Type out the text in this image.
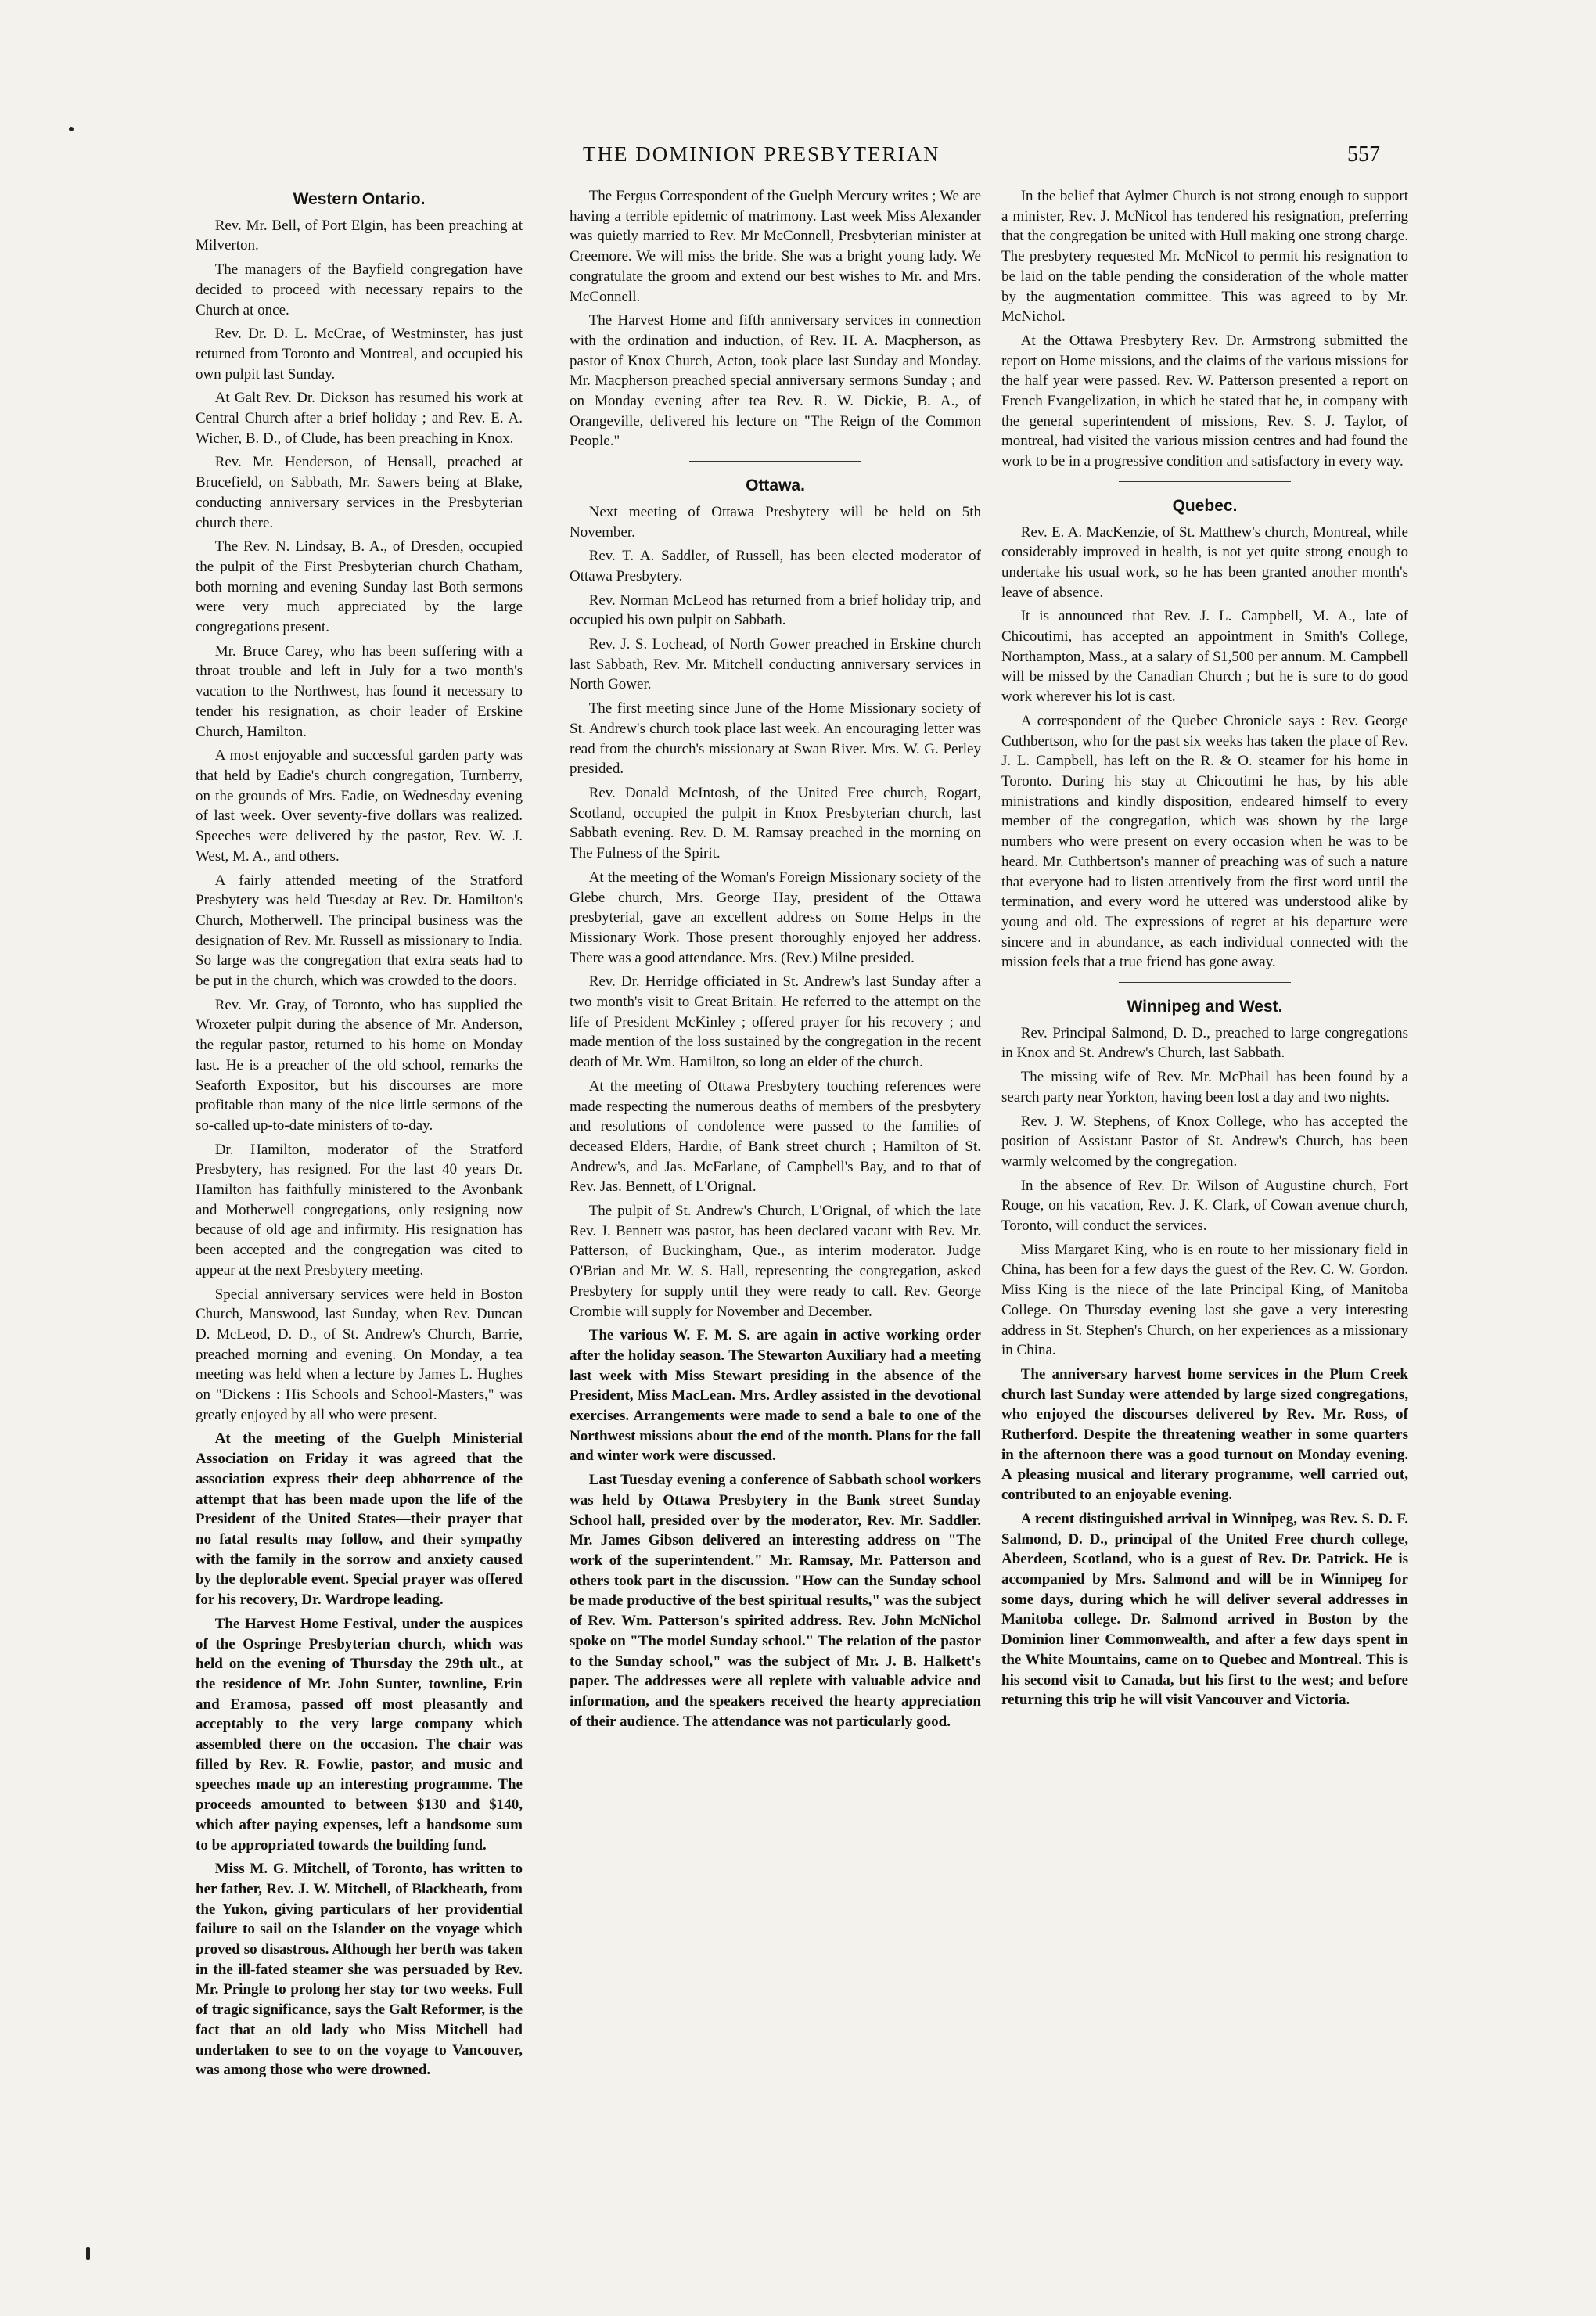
THE DOMINION PRESBYTERIAN	557
Western Ontario.

Rev. Mr. Bell, of Port Elgin, has been preaching at Milverton.

The managers of the Bayfield congregation have decided to proceed with necessary repairs to the Church at once.

Rev. Dr. D. L. McCrae, of Westminster, has just returned from Toronto and Montreal, and occupied his own pulpit last Sunday.

At Galt Rev. Dr. Dickson has resumed his work at Central Church after a brief holiday ; and Rev. E. A. Wicher, B. D., of Clude, has been preaching in Knox.

Rev. Mr. Henderson, of Hensall, preached at Brucefield, on Sabbath, Mr. Sawers being at Blake, conducting anniversary services in the Presbyterian church there.

The Rev. N. Lindsay, B. A., of Dresden, occupied the pulpit of the First Presbyterian church Chatham, both morning and evening Sunday last Both sermons were very much appreciated by the large congregations present.

Mr. Bruce Carey, who has been suffering with a throat trouble and left in July for a two month's vacation to the Northwest, has found it necessary to tender his resignation, as choir leader of Erskine Church, Hamilton.

A most enjoyable and successful garden party was that held by Eadie's church congregation, Turnberry, on the grounds of Mrs. Eadie, on Wednesday evening of last week. Over seventy-five dollars was realized. Speeches were delivered by the pastor, Rev. W. J. West, M. A., and others.

A fairly attended meeting of the Stratford Presbytery was held Tuesday at Rev. Dr. Hamilton's Church, Motherwell. The principal business was the designation of Rev. Mr. Russell as missionary to India. So large was the congregation that extra seats had to be put in the church, which was crowded to the doors.

Rev. Mr. Gray, of Toronto, who has supplied the Wroxeter pulpit during the absence of Mr. Anderson, the regular pastor, returned to his home on Monday last. He is a preacher of the old school, remarks the Seaforth Expositor, but his discourses are more profitable than many of the nice little sermons of the so-called up-to-date ministers of to-day.

Dr. Hamilton, moderator of the Stratford Presbytery, has resigned. For the last 40 years Dr. Hamilton has faithfully ministered to the Avonbank and Motherwell congregations, only resigning now because of old age and infirmity. His resignation has been accepted and the congregation was cited to appear at the next Presbytery meeting.

Special anniversary services were held in Boston Church, Manswood, last Sunday, when Rev. Duncan D. McLeod, D. D., of St. Andrew's Church, Barrie, preached morning and evening. On Monday, a tea meeting was held when a lecture by James L. Hughes on "Dickens : His Schools and School-Masters," was greatly enjoyed by all who were present.

At the meeting of the Guelph Ministerial Association on Friday it was agreed that the association express their deep abhorrence of the attempt that has been made upon the life of the President of the United States—their prayer that no fatal results may follow, and their sympathy with the family in the sorrow and anxiety caused by the deplorable event. Special prayer was offered for his recovery, Dr. Wardrope leading.

The Harvest Home Festival, under the auspices of the Ospringe Presbyterian church, which was held on the evening of Thursday the 29th ult., at the residence of Mr. John Sunter, townline, Erin and Eramosa, passed off most pleasantly and acceptably to the very large company which assembled there on the occasion. The chair was filled by Rev. R. Fowlie, pastor, and music and speeches made up an interesting programme. The proceeds amounted to between $130 and $140, which after paying expenses, left a handsome sum to be appropriated towards the building fund.

Miss M. G. Mitchell, of Toronto, has written to her father, Rev. J. W. Mitchell, of Blackheath, from the Yukon, giving particulars of her providential failure to sail on the Islander on the voyage which proved so disastrous. Although her berth was taken in the ill-fated steamer she was persuaded by Rev. Mr. Pringle to prolong her stay tor two weeks. Full of tragic significance, says the Galt Reformer, is the fact that an old lady who Miss Mitchell had undertaken to see to on the voyage to Vancouver, was among those who were drowned.

The Fergus Correspondent of the Guelph Mercury writes ; We are having a terrible epidemic of matrimony. Last week Miss Alexander was quietly married to Rev. Mr McConnell, Presbyterian minister at Creemore. We will miss the bride. She was a bright young lady. We congratulate the groom and extend our best wishes to Mr. and Mrs. McConnell.

The Harvest Home and fifth anniversary services in connection with the ordination and induction, of Rev. H. A. Macpherson, as pastor of Knox Church, Acton, took place last Sunday and Monday. Mr. Macpherson preached special anniversary sermons Sunday ; and on Monday evening after tea Rev. R. W. Dickie, B. A., of Orangeville, delivered his lecture on "The Reign of the Common People."

Ottawa.

Next meeting of Ottawa Presbytery will be held on 5th November.

Rev. T. A. Saddler, of Russell, has been elected moderator of Ottawa Presbytery.

Rev. Norman McLeod has returned from a brief holiday trip, and occupied his own pulpit on Sabbath.

Rev. J. S. Lochead, of North Gower preached in Erskine church last Sabbath, Rev. Mr. Mitchell conducting anniversary services in North Gower.

The first meeting since June of the Home Missionary society of St. Andrew's church took place last week. An encouraging letter was read from the church's missionary at Swan River. Mrs. W. G. Perley presided.

Rev. Donald McIntosh, of the United Free church, Rogart, Scotland, occupied the pulpit in Knox Presbyterian church, last Sabbath evening. Rev. D. M. Ramsay preached in the morning on The Fulness of the Spirit.

At the meeting of the Woman's Foreign Missionary society of the Glebe church, Mrs. George Hay, president of the Ottawa presbyterial, gave an excellent address on Some Helps in the Missionary Work. Those present thoroughly enjoyed her address. There was a good attendance. Mrs. (Rev.) Milne presided.

Rev. Dr. Herridge officiated in St. Andrew's last Sunday after a two month's visit to Great Britain. He referred to the attempt on the life of President McKinley ; offered prayer for his recovery ; and made mention of the loss sustained by the congregation in the recent death of Mr. Wm. Hamilton, so long an elder of the church.

At the meeting of Ottawa Presbytery touching references were made respecting the numerous deaths of members of the presbytery and resolutions of condolence were passed to the families of deceased Elders, Hardie, of Bank street church ; Hamilton of St. Andrew's, and Jas. McFarlane, of Campbell's Bay, and to that of Rev. Jas. Bennett, of L'Orignal.

The pulpit of St. Andrew's Church, L'Orignal, of which the late Rev. J. Bennett was pastor, has been declared vacant with Rev. Mr. Patterson, of Buckingham, Que., as interim moderator. Judge O'Brian and Mr. W. S. Hall, representing the congregation, asked Presbytery for supply until they were ready to call. Rev. George Crombie will supply for November and December.

The various W. F. M. S. are again in active working order after the holiday season. The Stewarton Auxiliary had a meeting last week with Miss Stewart presiding in the absence of the President, Miss MacLean. Mrs. Ardley assisted in the devotional exercises. Arrangements were made to send a bale to one of the Northwest missions about the end of the month. Plans for the fall and winter work were discussed.

Last Tuesday evening a conference of Sabbath school workers was held by Ottawa Presbytery in the Bank street Sunday School hall, presided over by the moderator, Rev. Mr. Saddler. Mr. James Gibson delivered an interesting address on "The work of the superintendent." Mr. Ramsay, Mr. Patterson and others took part in the discussion. "How can the Sunday school be made productive of the best spiritual results," was the subject of Rev. Wm. Patterson's spirited address. Rev. John McNichol spoke on "The model Sunday school." The relation of the pastor to the Sunday school," was the subject of Mr. J. B. Halkett's paper. The addresses were all replete with valuable advice and information, and the speakers received the hearty appreciation of their audience. The attendance was not particularly good.

In the belief that Aylmer Church is not strong enough to support a minister, Rev. J. McNicol has tendered his resignation, preferring that the congregation be united with Hull making one strong charge. The presbytery requested Mr. McNicol to permit his resignation to be laid on the table pending the consideration of the whole matter by the augmentation committee. This was agreed to by Mr. McNichol.

At the Ottawa Presbytery Rev. Dr. Armstrong submitted the report on Home missions, and the claims of the various missions for the half year were passed. Rev. W. Patterson presented a report on French Evangelization, in which he stated that he, in company with the general superintendent of missions, Rev. S. J. Taylor, of montreal, had visited the various mission centres and had found the work to be in a progressive condition and satisfactory in every way.

Quebec.

Rev. E. A. MacKenzie, of St. Matthew's church, Montreal, while considerably improved in health, is not yet quite strong enough to undertake his usual work, so he has been granted another month's leave of absence.

It is announced that Rev. J. L. Campbell, M. A., late of Chicoutimi, has accepted an appointment in Smith's College, Northampton, Mass., at a salary of $1,500 per annum. M. Campbell will be missed by the Canadian Church ; but he is sure to do good work wherever his lot is cast.

A correspondent of the Quebec Chronicle says : Rev. George Cuthbertson, who for the past six weeks has taken the place of Rev. J. L. Campbell, has left on the R. & O. steamer for his home in Toronto. During his stay at Chicoutimi he has, by his able ministrations and kindly disposition, endeared himself to every member of the congregation, which was shown by the large numbers who were present on every occasion when he was to be heard. Mr. Cuthbertson's manner of preaching was of such a nature that everyone had to listen attentively from the first word until the termination, and every word he uttered was understood alike by young and old. The expressions of regret at his departure were sincere and in abundance, as each individual connected with the mission feels that a true friend has gone away.

Winnipeg and West.

Rev. Principal Salmond, D. D., preached to large congregations in Knox and St. Andrew's Church, last Sabbath.

The missing wife of Rev. Mr. McPhail has been found by a search party near Yorkton, having been lost a day and two nights.

Rev. J. W. Stephens, of Knox College, who has accepted the position of Assistant Pastor of St. Andrew's Church, has been warmly welcomed by the congregation.

In the absence of Rev. Dr. Wilson of Augustine church, Fort Rouge, on his vacation, Rev. J. K. Clark, of Cowan avenue church, Toronto, will conduct the services.

Miss Margaret King, who is en route to her missionary field in China, has been for a few days the guest of the Rev. C. W. Gordon. Miss King is the niece of the late Principal King, of Manitoba College. On Thursday evening last she gave a very interesting address in St. Stephen's Church, on her experiences as a missionary in China.

The anniversary harvest home services in the Plum Creek church last Sunday were attended by large sized congregations, who enjoyed the discourses delivered by Rev. Mr. Ross, of Rutherford. Despite the threatening weather in some quarters in the afternoon there was a good turnout on Monday evening. A pleasing musical and literary programme, well carried out, contributed to an enjoyable evening.

A recent distinguished arrival in Winnipeg, was Rev. S. D. F. Salmond, D. D., principal of the United Free church college, Aberdeen, Scotland, who is a guest of Rev. Dr. Patrick. He is accompanied by Mrs. Salmond and will be in Winnipeg for some days, during which he will deliver several addresses in Manitoba college. Dr. Salmond arrived in Boston by the Dominion liner Commonwealth, and after a few days spent in the White Mountains, came on to Quebec and Montreal. This is his second visit to Canada, but his first to the west; and before returning this trip he will visit Vancouver and Victoria.
